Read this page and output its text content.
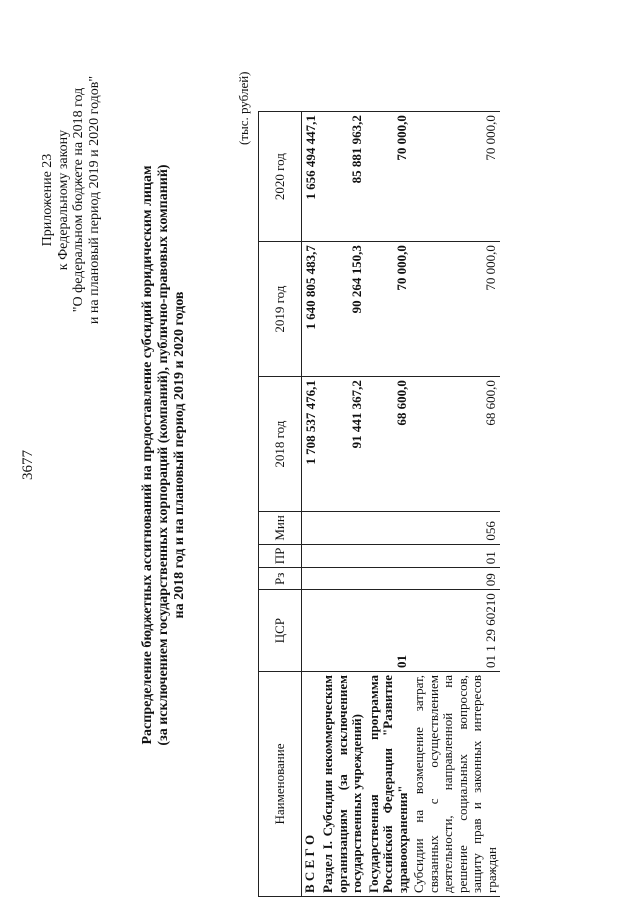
3677
Приложение 23 к Федеральному закону "О федеральном бюджете на 2018 год и на плановый период 2019 и 2020 годов"	Распределение бюджетных ассигнований на предоставление субсидий юридическим лицам (за исключением государственных корпораций (компаний), публично-правовых компаний) на 2018 год и на плановый период 2019 и 2020 годов
(тыс. рублей)
Наименование	ЦСР	Рз	ПР	Мин	2018 год	2019 год	2020 год
В С Е Г О					1 708 537 476,1	1 640 805 483,7	1 656 494 447,1
Раздел I. Субсидии некоммерческим организациям (за исключением государственных учреждений)					91 441 367,2	90 264 150,3	85 881 963,2
Государственная программа Российской Федерации "Развитие здравоохранения"	01				68 600,0	70 000,0	70 000,0
Субсидии на возмещение затрат, связанных с осуществлением деятельности, направленной на решение социальных вопросов, защиту прав и законных интересов граждан	01 1 29 60210	09	01	056	68 600,0	70 000,0	70 000,0
